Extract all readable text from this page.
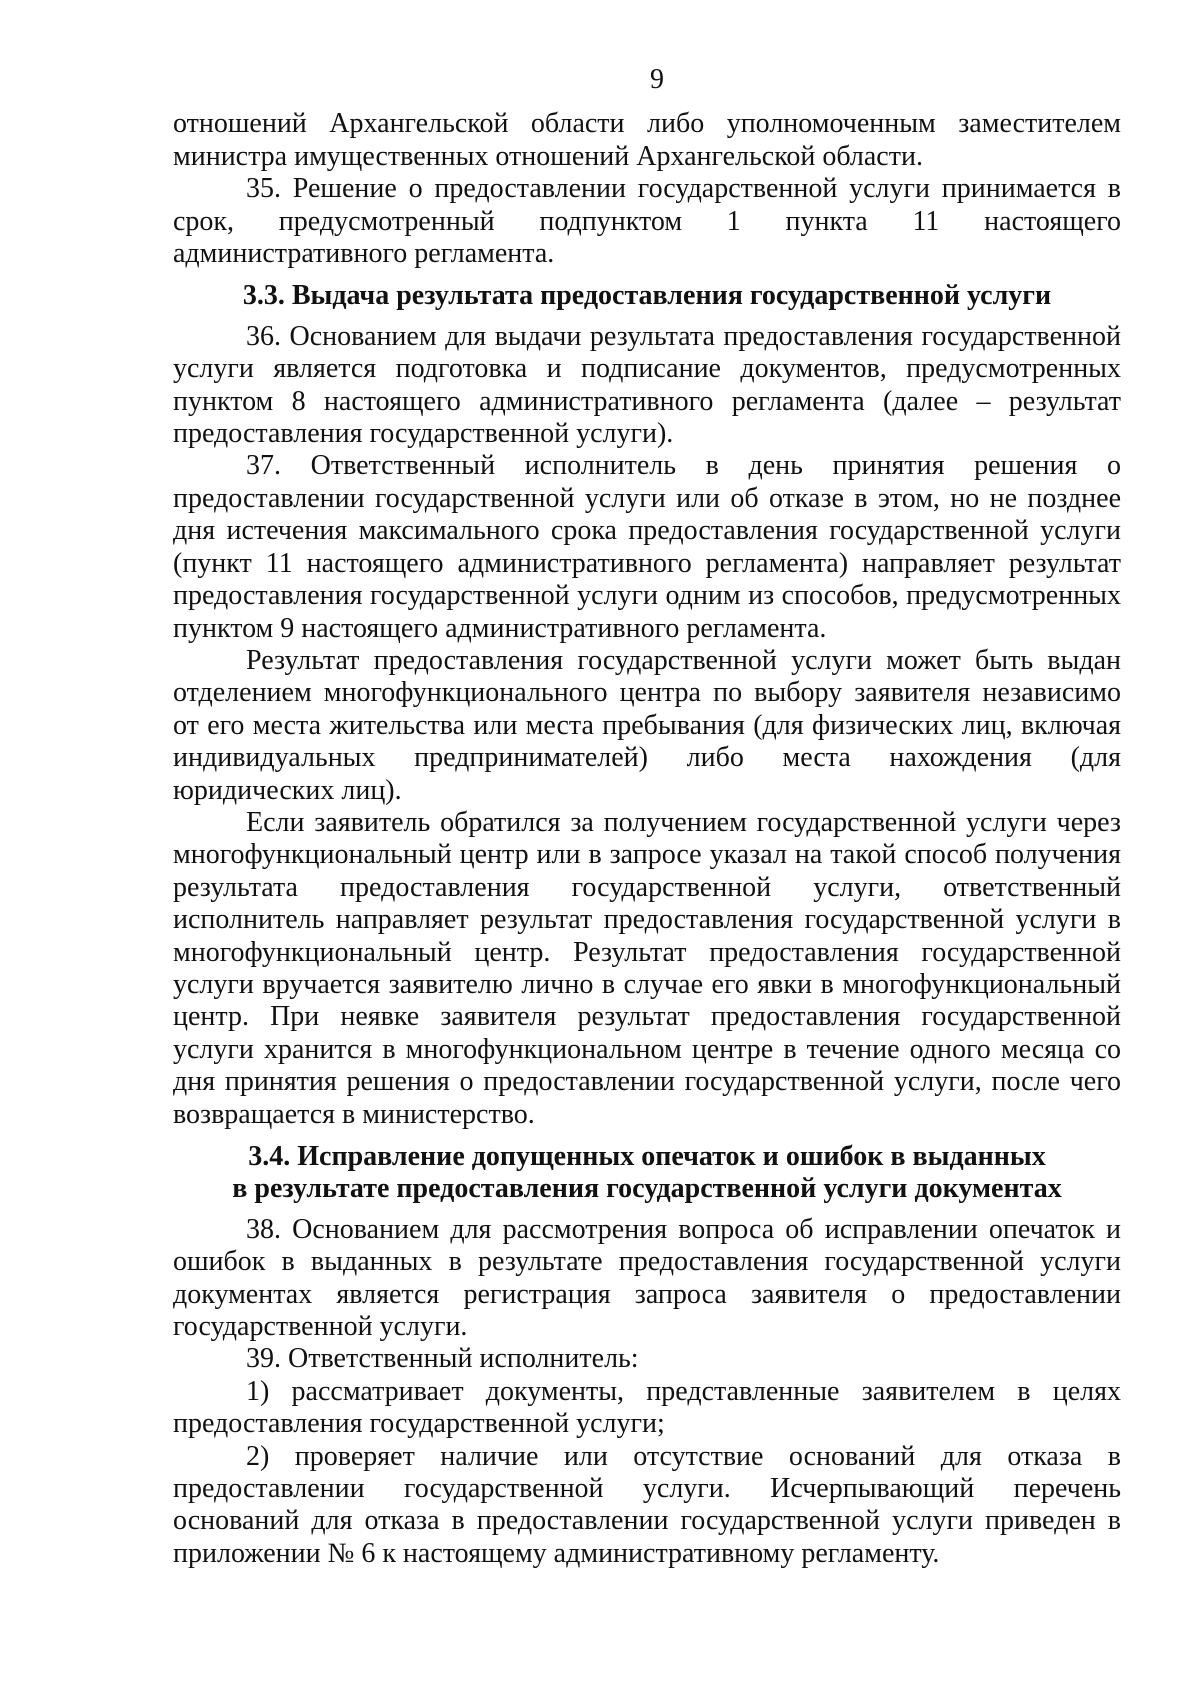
9

отношений Архангельской области либо уполномоченным заместителем министра имущественных отношений Архангельской области.

35. Решение о предоставлении государственной услуги принимается в срок, предусмотренный подпунктом 1 пункта 11 настоящего административного регламента.

3.3. Выдача результата предоставления государственной услуги

36. Основанием для выдачи результата предоставления государственной услуги является подготовка и подписание документов, предусмотренных пунктом 8 настоящего административного регламента (далее – результат предоставления государственной услуги).

37. Ответственный исполнитель в день принятия решения о предоставлении государственной услуги или об отказе в этом, но не позднее дня истечения максимального срока предоставления государственной услуги (пункт 11 настоящего административного регламента) направляет результат предоставления государственной услуги одним из способов, предусмотренных пунктом 9 настоящего административного регламента.

Результат предоставления государственной услуги может быть выдан отделением многофункционального центра по выбору заявителя независимо от его места жительства или места пребывания (для физических лиц, включая индивидуальных предпринимателей) либо места нахождения (для юридических лиц).

Если заявитель обратился за получением государственной услуги через многофункциональный центр или в запросе указал на такой способ получения результата предоставления государственной услуги, ответственный исполнитель направляет результат предоставления государственной услуги в многофункциональный центр. Результат предоставления государственной услуги вручается заявителю лично в случае его явки в многофункциональный центр. При неявке заявителя результат предоставления государственной услуги хранится в многофункциональном центре в течение одного месяца со дня принятия решения о предоставлении государственной услуги, после чего возвращается в министерство.

3.4. Исправление допущенных опечаток и ошибок в выданных
в результате предоставления государственной услуги документах

38. Основанием для рассмотрения вопроса об исправлении опечаток и ошибок в выданных в результате предоставления государственной услуги документах является регистрация запроса заявителя о предоставлении государственной услуги.

39. Ответственный исполнитель:

1) рассматривает документы, представленные заявителем в целях предоставления государственной услуги;

2) проверяет наличие или отсутствие оснований для отказа в предоставлении государственной услуги. Исчерпывающий перечень оснований для отказа в предоставлении государственной услуги приведен в приложении № 6 к настоящему административному регламенту.
